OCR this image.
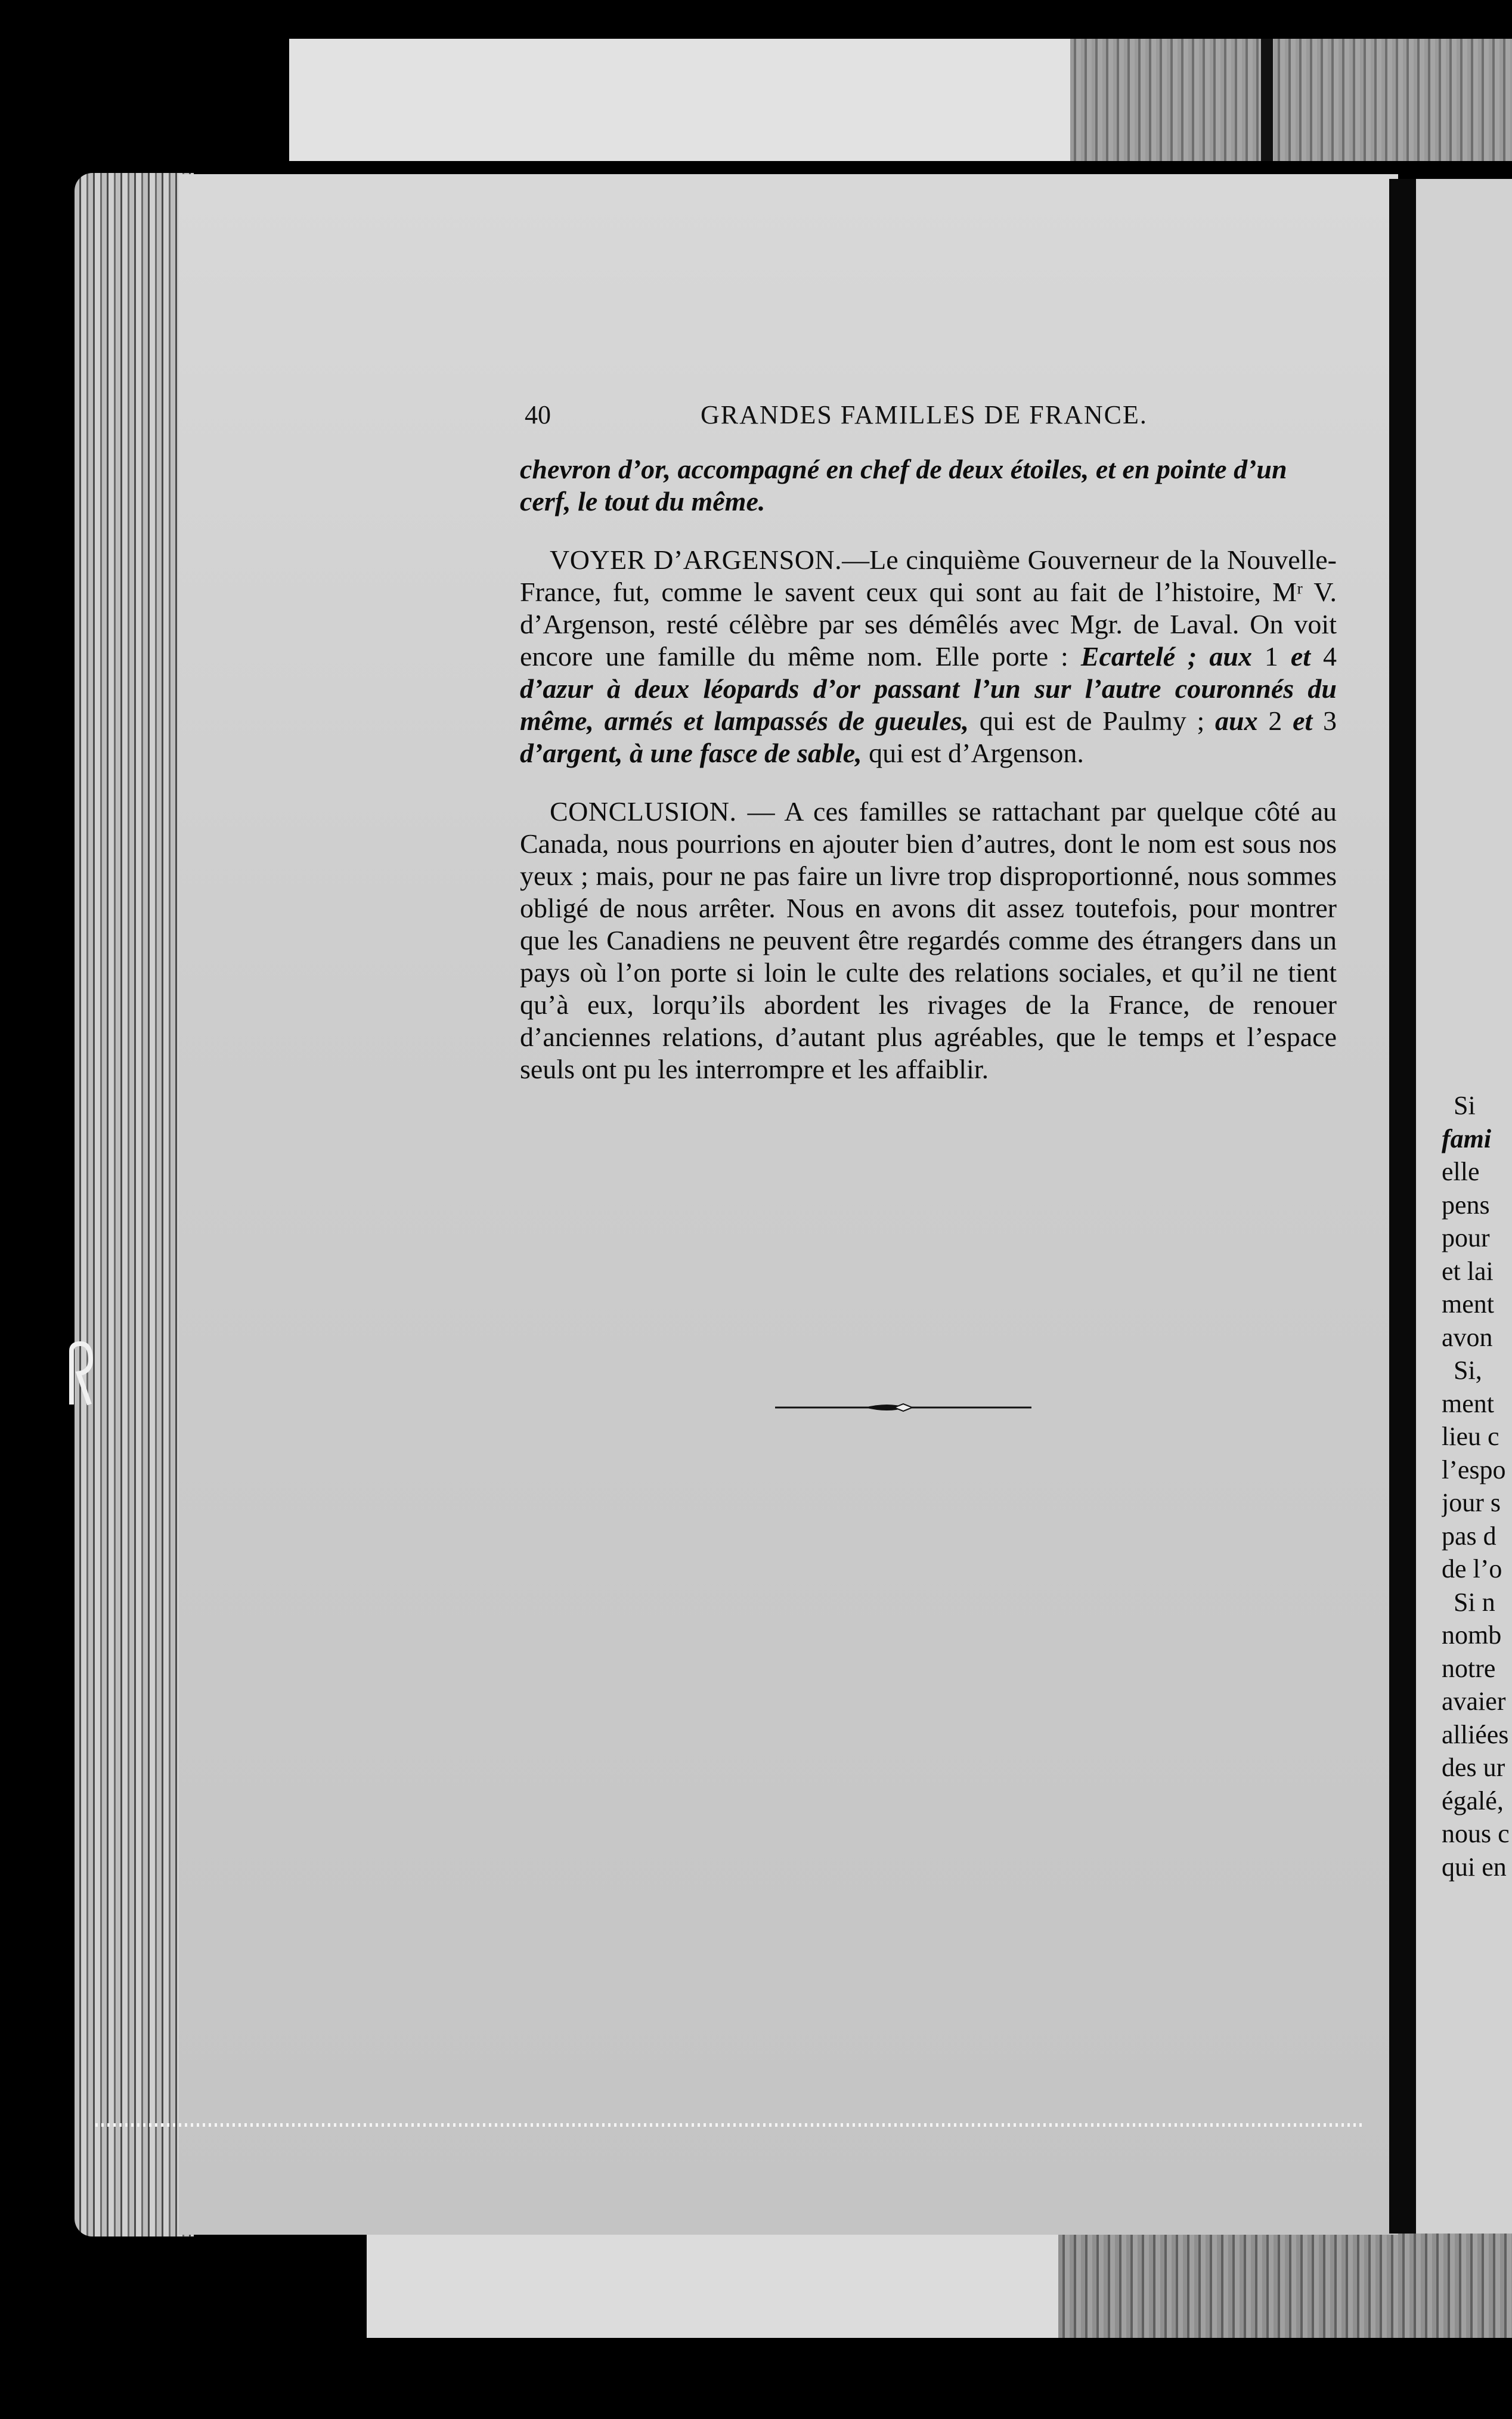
40	GRANDES FAMILLES DE FRANCE.

chevron d’or, accompagné en chef de deux étoiles, et en pointe d’un
cerf, le tout du même.

VOYER D’ARGENSON.—Le cinquième Gouverneur de la Nouvelle-France, fut, comme le savent ceux qui sont au fait de l’histoire, Mʳ V. d’Argenson, resté célèbre par ses démêlés avec Mgr. de Laval. On voit encore une famille du même nom. Elle porte : Ecartelé ; aux 1 et 4 d’azur à deux léopards d’or passant l’un sur l’autre couronnés du même, armés et lampassés de gueules, qui est de Paulmy ; aux 2 et 3 d’argent, à une fasce de sable, qui est d’Argenson.

CONCLUSION. — A ces familles se rattachant par quelque côté au Canada, nous pourrions en ajouter bien d’autres, dont le nom est sous nos yeux ; mais, pour ne pas faire un livre trop disproportionné, nous sommes obligé de nous arrêter. Nous en avons dit assez toutefois, pour montrer que les Canadiens ne peuvent être regardés comme des étrangers dans un pays où l’on porte si loin le culte des relations sociales, et qu’il ne tient qu’à eux, lorqu’ils abordent les rivages de la France, de renouer d’anciennes relations, d’autant plus agréables, que le temps et l’espace seuls ont pu les interrompre et les affaiblir.

Si
fami
elle
pens
pour
et lai
ment
avon
Si,
ment
lieu c
l’espo
jour s
pas d
de l’o
Si n
nomb
notre
avaier
alliées
des ur
égalé,
nous c
qui en
